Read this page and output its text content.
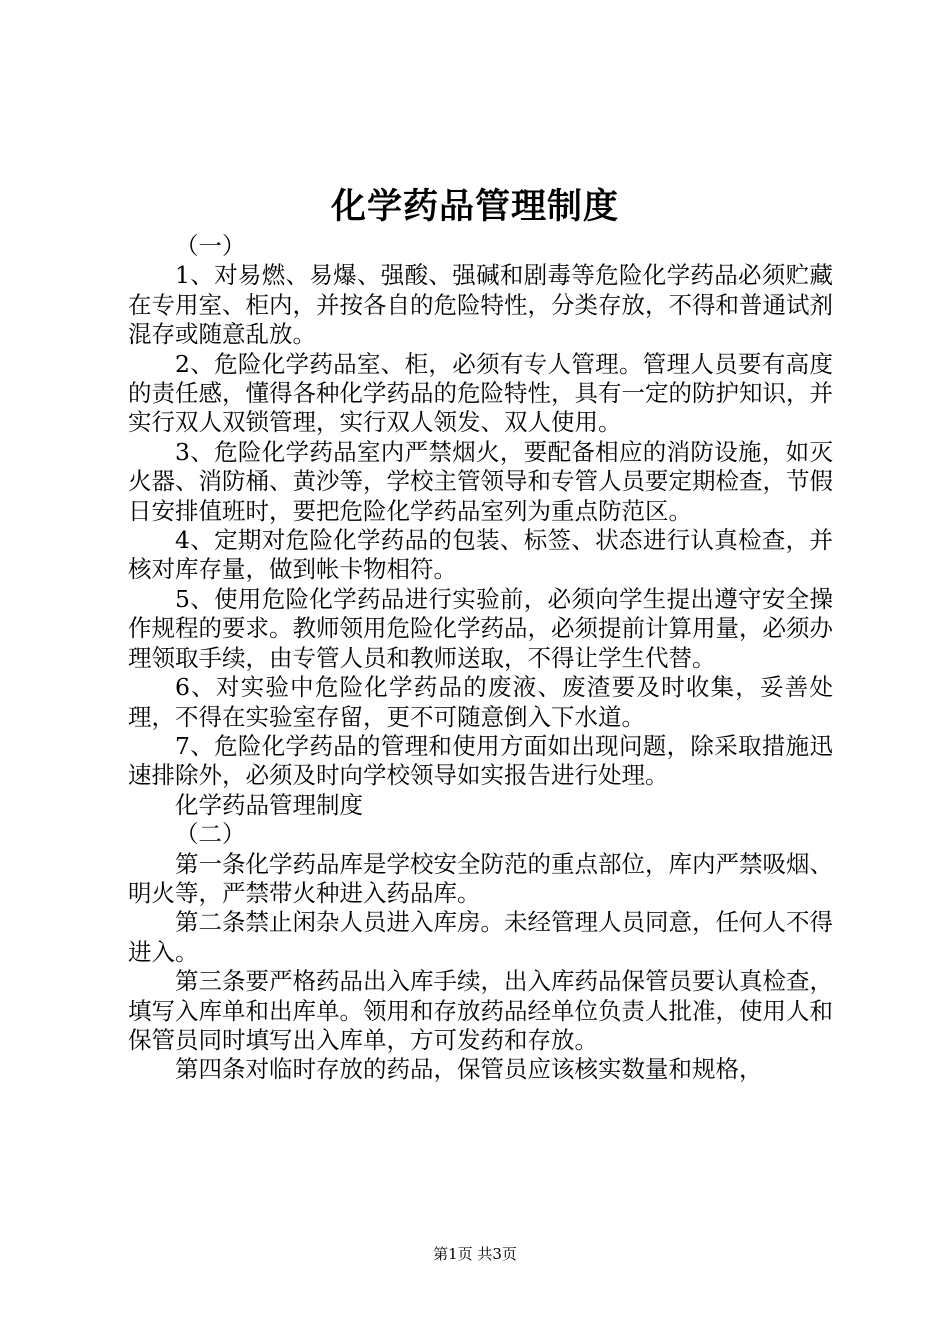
化学药品管理制度

（一）

1、对易燃、易爆、强酸、强碱和剧毒等危险化学药品必须贮藏在专用室、柜内，并按各自的危险特性，分类存放，不得和普通试剂混存或随意乱放。

2、危险化学药品室、柜，必须有专人管理。管理人员要有高度的责任感，懂得各种化学药品的危险特性，具有一定的防护知识，并实行双人双锁管理，实行双人领发、双人使用。

3、危险化学药品室内严禁烟火，要配备相应的消防设施，如灭火器、消防桶、黄沙等，学校主管领导和专管人员要定期检查，节假日安排值班时，要把危险化学药品室列为重点防范区。

4、定期对危险化学药品的包装、标签、状态进行认真检查，并核对库存量，做到帐卡物相符。

5、使用危险化学药品进行实验前，必须向学生提出遵守安全操作规程的要求。教师领用危险化学药品，必须提前计算用量，必须办理领取手续，由专管人员和教师送取，不得让学生代替。

6、对实验中危险化学药品的废液、废渣要及时收集，妥善处理，不得在实验室存留，更不可随意倒入下水道。

7、危险化学药品的管理和使用方面如出现问题，除采取措施迅速排除外，必须及时向学校领导如实报告进行处理。

化学药品管理制度

（二）

第一条化学药品库是学校安全防范的重点部位，库内严禁吸烟、明火等，严禁带火种进入药品库。

第二条禁止闲杂人员进入库房。未经管理人员同意，任何人不得进入。

第三条要严格药品出入库手续，出入库药品保管员要认真检查，填写入库单和出库单。领用和存放药品经单位负责人批准，使用人和保管员同时填写出入库单，方可发药和存放。

第四条对临时存放的药品，保管员应该核实数量和规格，

第1页 共3页
